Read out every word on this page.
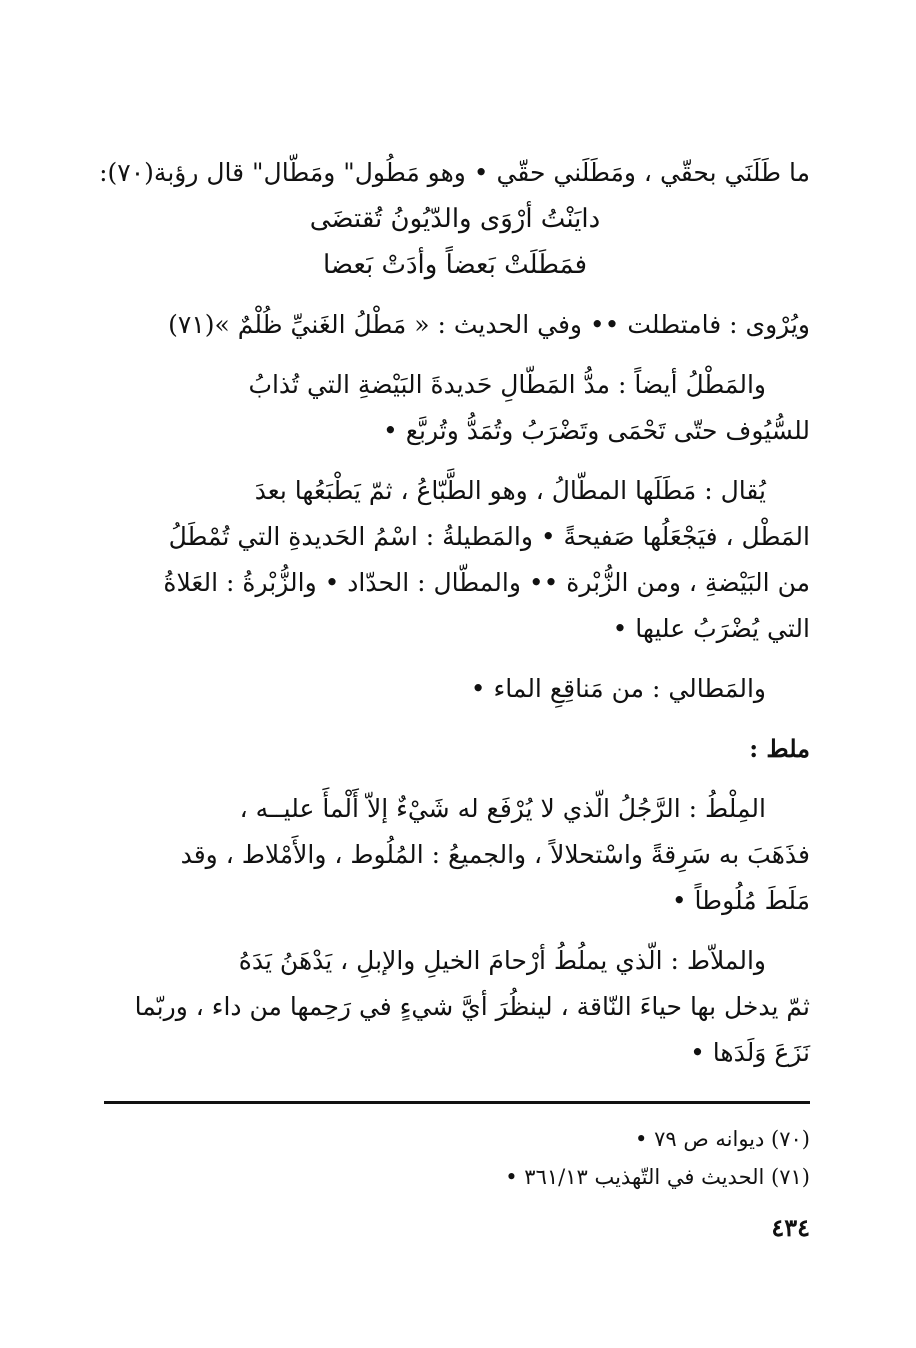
ما طَلَنَي بحقّي ، ومَطَلَني حقّي • وهو مَطُول" ومَطّال" قال رؤبة(٧٠):
دايَنْتُ أرْوَى والدّيُونُ تُقتضَى
فمَطَلَتْ بَعضاً وأدَتْ بَعضا
ويُرْوى : فامتطلت •• وفي الحديث : « مَطْلُ الغَنيِّ ظُلْمٌ »(٧١)
والمَطْلُ أيضاً : مدُّ المَطّالِ حَديدةَ البَيْضةِ التي تُذابُ
للسُّيُوف حتّى تَحْمَى وتَضْرَبُ وتُمَدُّ وتُربَّع •
يُقال : مَطَلَها المطّالُ ، وهو الطَّبّاعُ ، ثمّ يَطْبَعُها بعدَ
المَطْل ، فيَجْعَلُها صَفيحةً • والمَطيلةُ : اسْمُ الحَديدةِ التي تُمْطَلُ
من البَيْضةِ ، ومن الزُّبْرة •• والمطّال : الحدّاد • والزُّبْرةُ : العَلاةُ
التي يُضْرَبُ عليها •
والمَطالي : من مَناقِعِ الماء •
ملط :
المِلْطُ : الرَّجُلُ الّذي لا يُرْفَع له شَيْءٌ إلاّ أَلْمأَ عليــه ،
فذَهَبَ به سَرِقةً واسْتحلالاً ، والجميعُ : المُلُوط ، والأَمْلاط ، وقد
مَلَطَ مُلُوطاً •
والملاّط : الّذي يملُطُ أرْحامَ الخيلِ والإبلِ ، يَدْهَنُ يَدَهُ
ثمّ يدخل بها حياءَ النّاقة ، لينظُرَ أيَّ شيءٍ في رَحِمها من داء ، وربّما
نَزَعَ وَلَدَها •
(٧٠) ديوانه ص ٧٩ •
(٧١) الحديث في التّهذيب ٣٦١/١٣ •
٤٣٤
